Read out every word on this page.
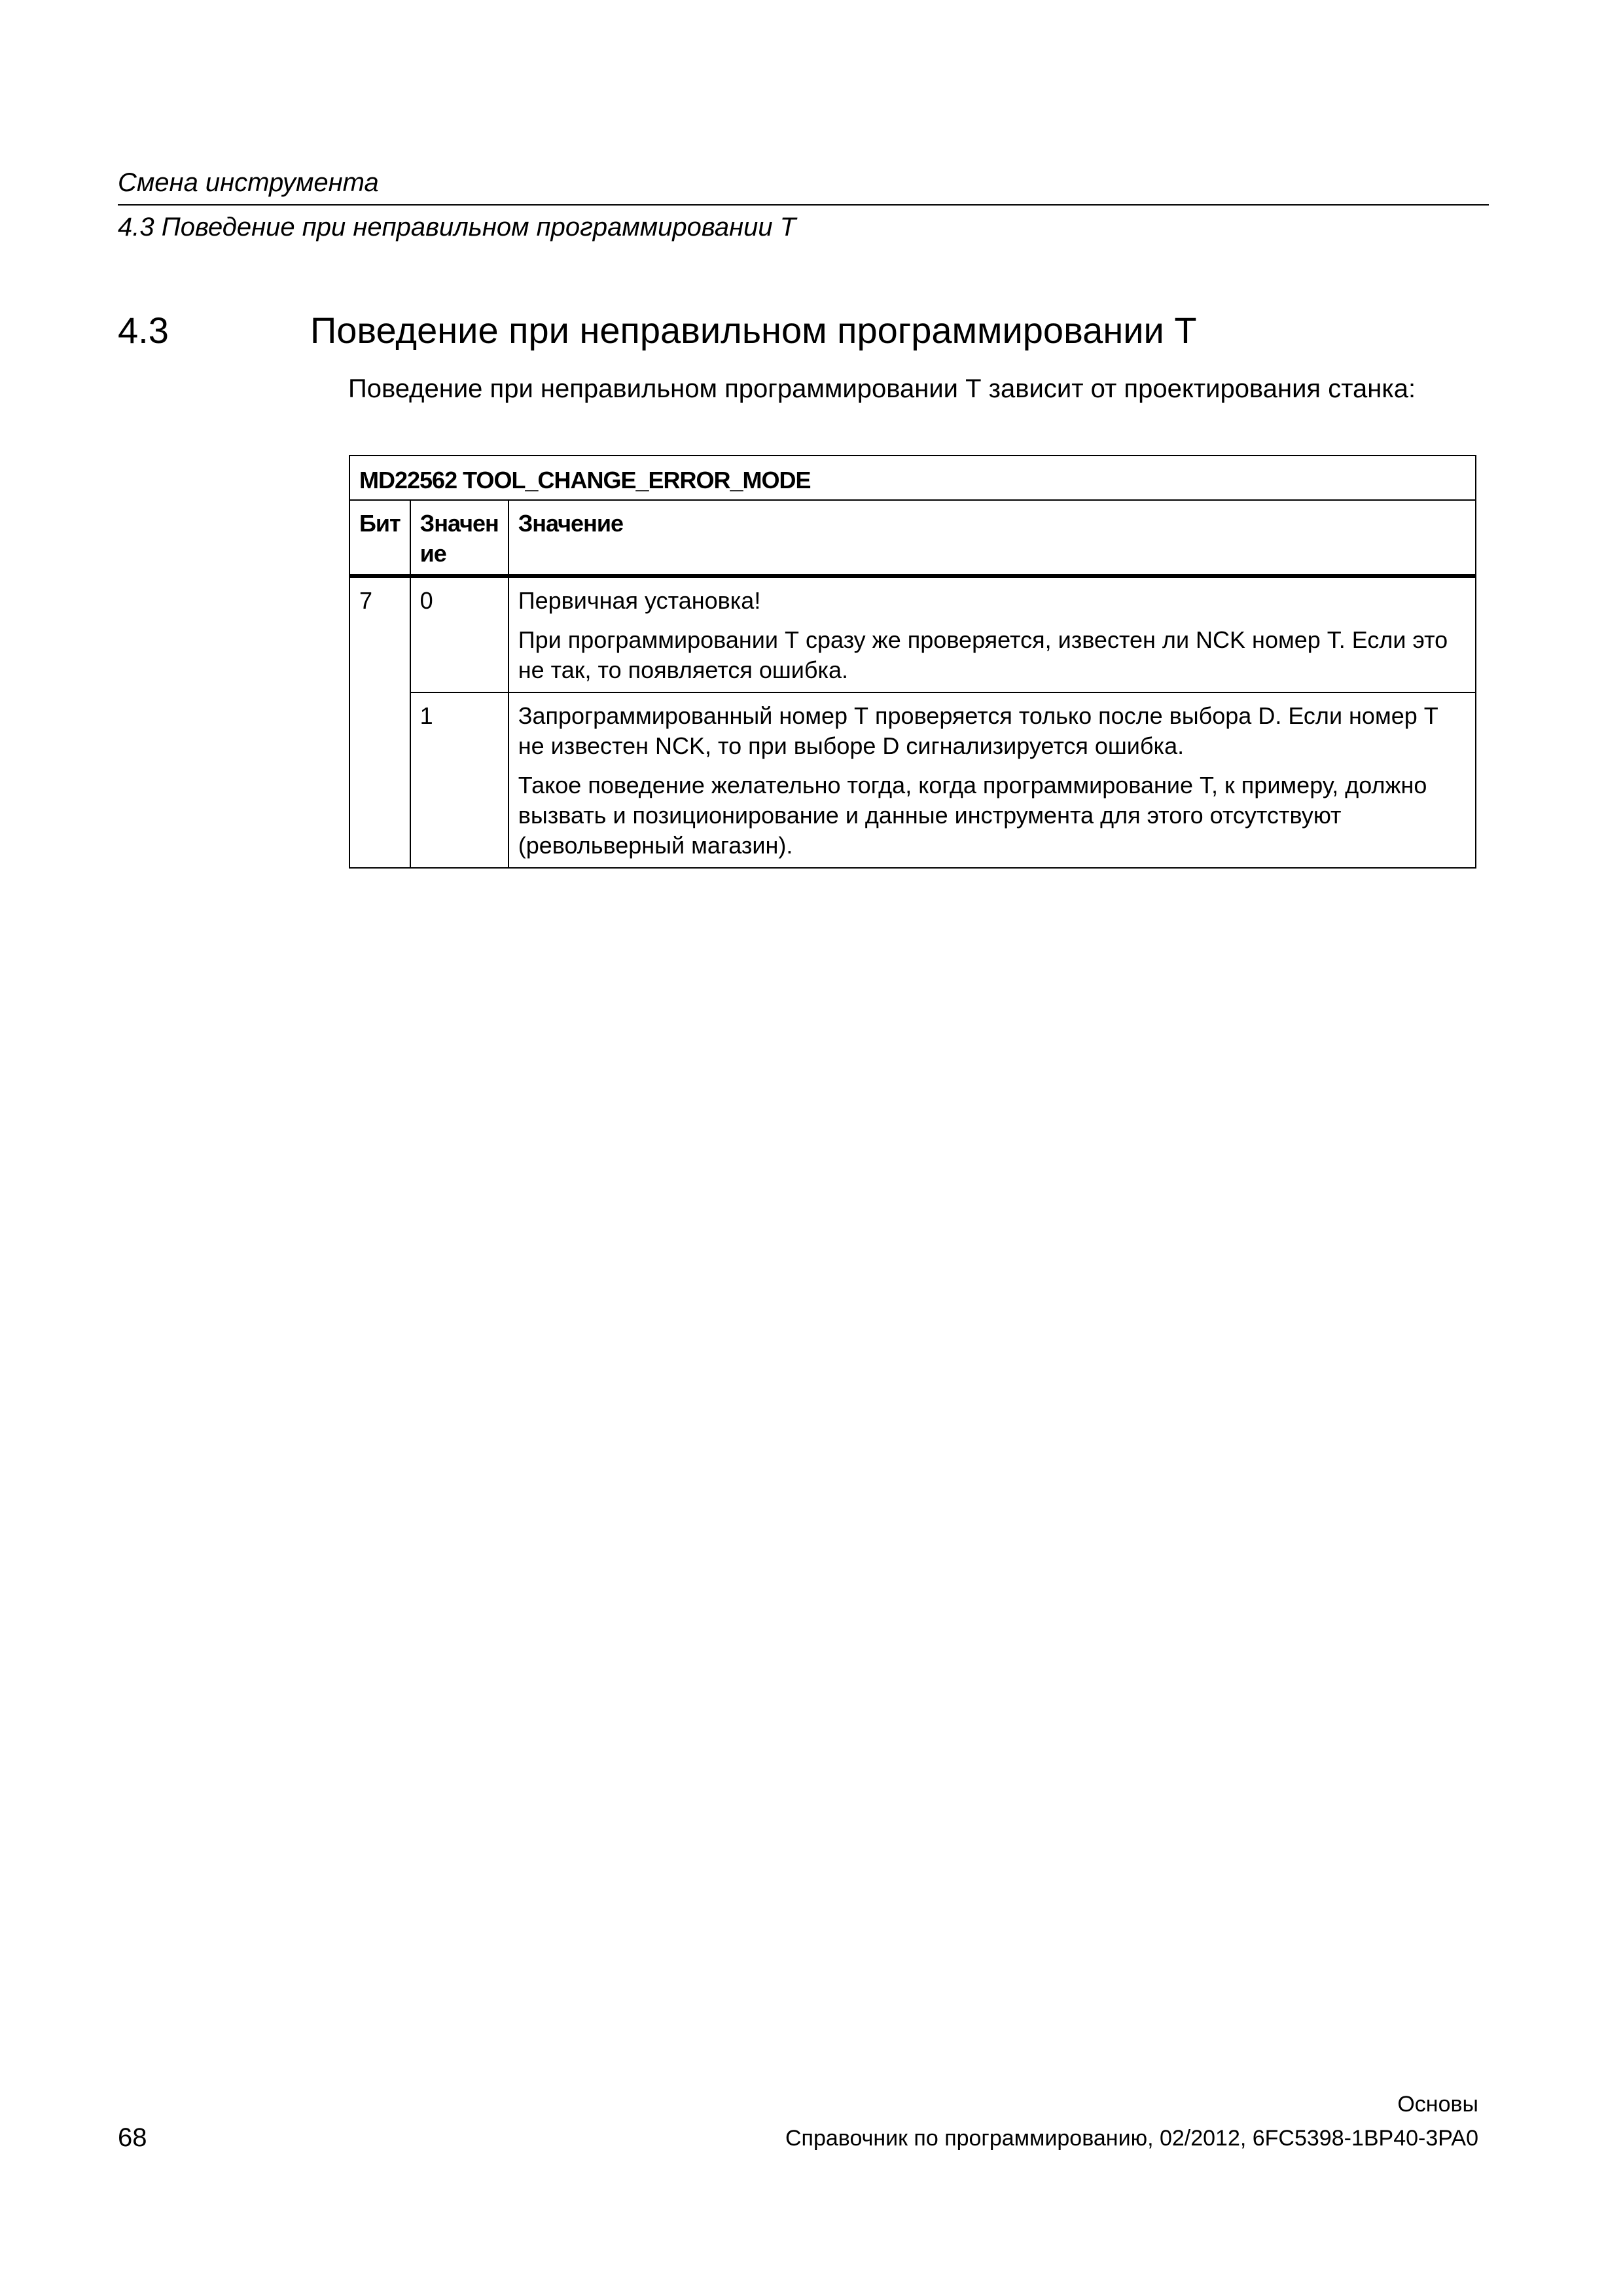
Смена инструмента
4.3 Поведение при неправильном программировании Т
4.3	Поведение при неправильном программировании Т

Поведение при неправильном программировании Т зависит от проектирования станка:

MD22562 TOOL_CHANGE_ERROR_MODE		
Бит	Значен ие	Значение
7	0	Первичная установка!

При программировании Т сразу же проверяется, известен ли NCK номер Т. Если это не так, то появляется ошибка.

	1	Запрограммированный номер Т проверяется только после выбора D. Если номер Т не известен NCK, то при выборе D сигнализируется ошибка.

Такое поведение желательно тогда, когда программирование Т, к примеру, должно вызвать и позиционирование и данные инструмента для этого отсутствуют (револьверный магазин).

Основы
68	Справочник по программированию, 02/2012, 6FC5398-1BP40-3PA0
